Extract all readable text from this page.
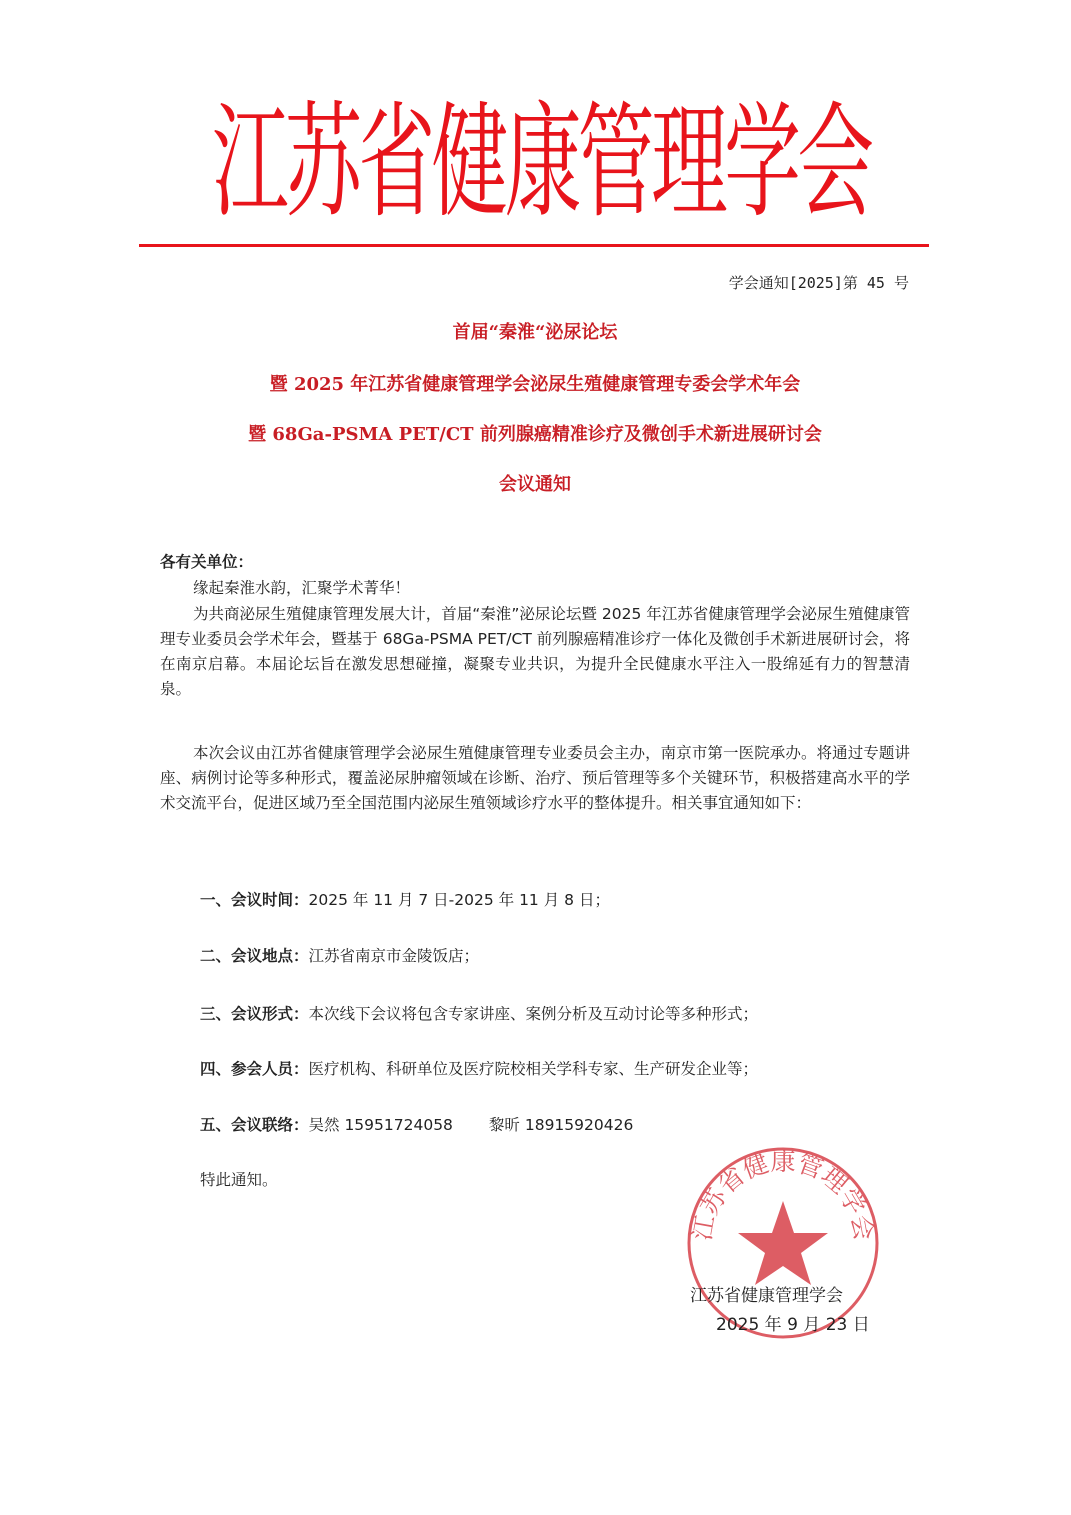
江苏省健康管理学会
学会通知[2025]第 45 号
首届“秦淮“泌尿论坛
暨 2025 年江苏省健康管理学会泌尿生殖健康管理专委会学术年会
暨 68Ga-PSMA PET/CT 前列腺癌精准诊疗及微创手术新进展研讨会
会议通知
各有关单位：
缘起秦淮水韵，汇聚学术菁华！
为共商泌尿生殖健康管理发展大计，首届“秦淮”泌尿论坛暨 2025 年江苏省健康管理学会泌尿生殖健康管理专业委员会学术年会，暨基于 68Ga-PSMA PET/CT 前列腺癌精准诊疗一体化及微创手术新进展研讨会，将在南京启幕。本届论坛旨在激发思想碰撞，凝聚专业共识，为提升全民健康水平注入一股绵延有力的智慧清泉。
本次会议由江苏省健康管理学会泌尿生殖健康管理专业委员会主办，南京市第一医院承办。将通过专题讲座、病例讨论等多种形式，覆盖泌尿肿瘤领域在诊断、治疗、预后管理等多个关键环节，积极搭建高水平的学术交流平台，促进区域乃至全国范围内泌尿生殖领域诊疗水平的整体提升。相关事宜通知如下：
一、会议时间：2025 年 11 月 7 日-2025 年 11 月 8 日；
二、会议地点：江苏省南京市金陵饭店；
三、会议形式：本次线下会议将包含专家讲座、案例分析及互动讨论等多种形式；
四、参会人员：医疗机构、科研单位及医疗院校相关学科专家、生产研发企业等；
五、会议联络：吴然 15951724058 黎昕 18915920426
特此通知。
江苏省健康管理学会
江苏省健康管理学会
2025 年 9 月 23 日
